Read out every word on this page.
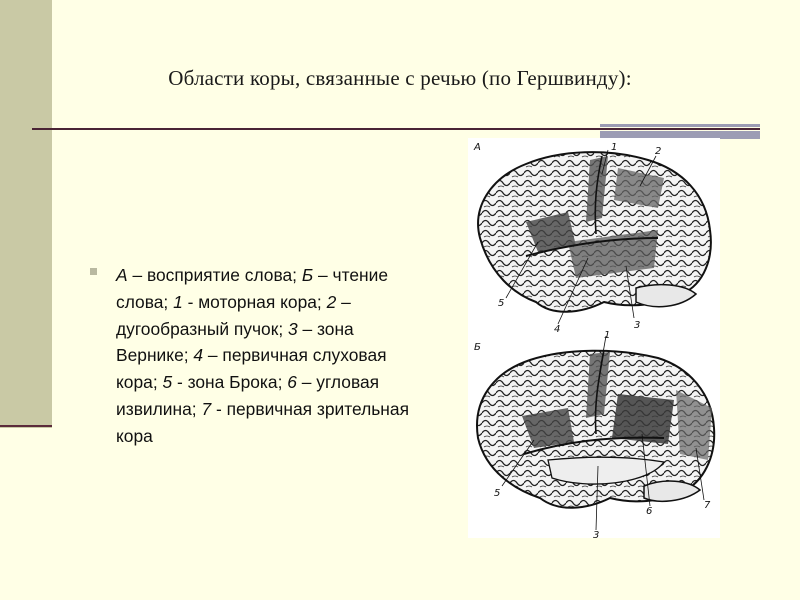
Области коры, связанные с речью (по Гершвинду):

А – восприятие слова; Б – чтение слова; 1 - моторная кора; 2 – дугообразный пучок; 3 – зона Вернике; 4 – первичная слуховая кора; 5 - зона Брока; 6 – угловая извилина; 7 - первичная зрительная кора

А	1	2
3
4
5
Б
1
3
5
6
7
